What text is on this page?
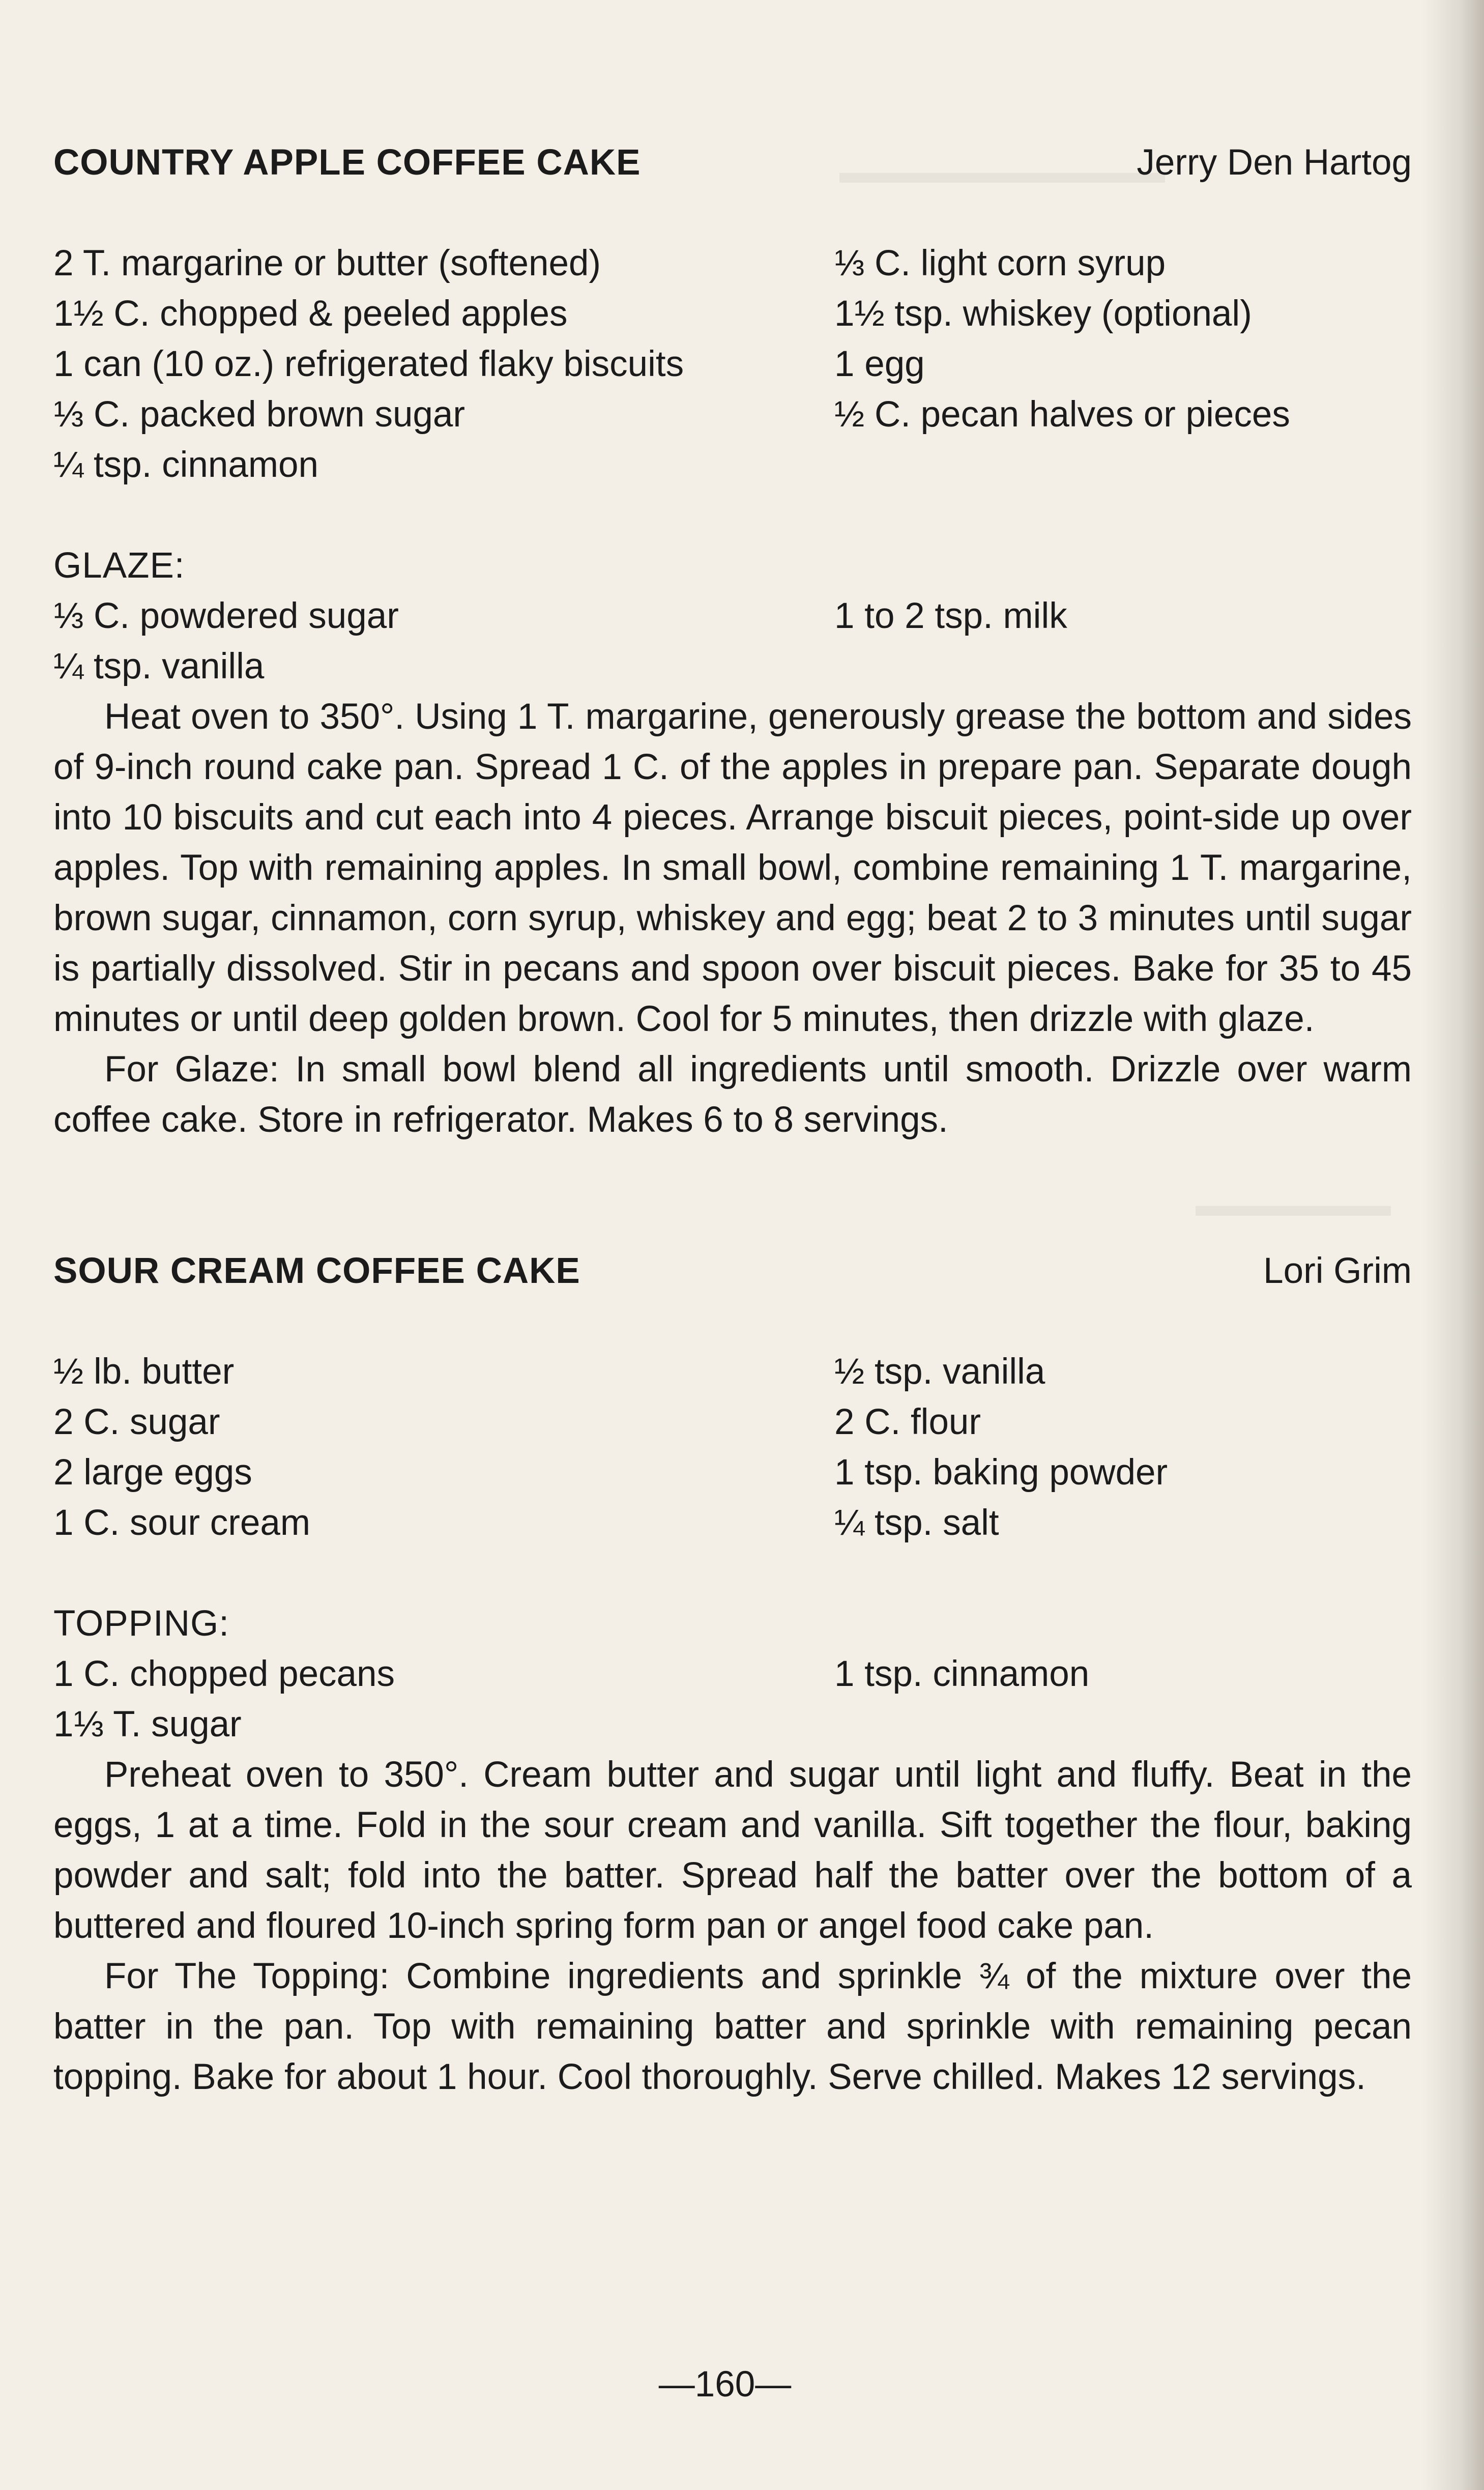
▬▬▬▬▬▬▬▬▬▬
▬▬▬▬▬▬
COUNTRY APPLE COFFEE CAKE	Jerry Den Hartog
2 T. margarine or butter (softened)
1½ C. chopped & peeled apples
1 can (10 oz.) refrigerated flaky biscuits
⅓ C. packed brown sugar
¼ tsp. cinnamon
⅓ C. light corn syrup
1½ tsp. whiskey (optional)
1 egg
½ C. pecan halves or pieces
GLAZE:
⅓ C. powdered sugar
¼ tsp. vanilla
1 to 2 tsp. milk

Heat oven to 350°. Using 1 T. margarine, generously grease the bottom and sides of 9-inch round cake pan. Spread 1 C. of the apples in prepare pan. Separate dough into 10 biscuits and cut each into 4 pieces. Arrange biscuit pieces, point-side up over apples. Top with remaining apples. In small bowl, combine remaining 1 T. margarine, brown sugar, cinnamon, corn syrup, whiskey and egg; beat 2 to 3 minutes until sugar is partially dissolved. Stir in pecans and spoon over biscuit pieces. Bake for 35 to 45 minutes or until deep golden brown. Cool for 5 minutes, then drizzle with glaze.

For Glaze: In small bowl blend all ingredients until smooth. Drizzle over warm coffee cake. Store in refrigerator. Makes 6 to 8 servings.

SOUR CREAM COFFEE CAKE	Lori Grim
½ lb. butter
2 C. sugar
2 large eggs
1 C. sour cream
½ tsp. vanilla
2 C. flour
1 tsp. baking powder
¼ tsp. salt
TOPPING:
1 C. chopped pecans
1⅓ T. sugar
1 tsp. cinnamon

Preheat oven to 350°. Cream butter and sugar until light and fluffy. Beat in the eggs, 1 at a time. Fold in the sour cream and vanilla. Sift together the flour, baking powder and salt; fold into the batter. Spread half the batter over the bottom of a buttered and floured 10-inch spring form pan or angel food cake pan.

For The Topping: Combine ingredients and sprinkle ¾ of the mixture over the batter in the pan. Top with remaining batter and sprinkle with remaining pecan topping. Bake for about 1 hour. Cool thoroughly. Serve chilled. Makes 12 servings.

—160—
